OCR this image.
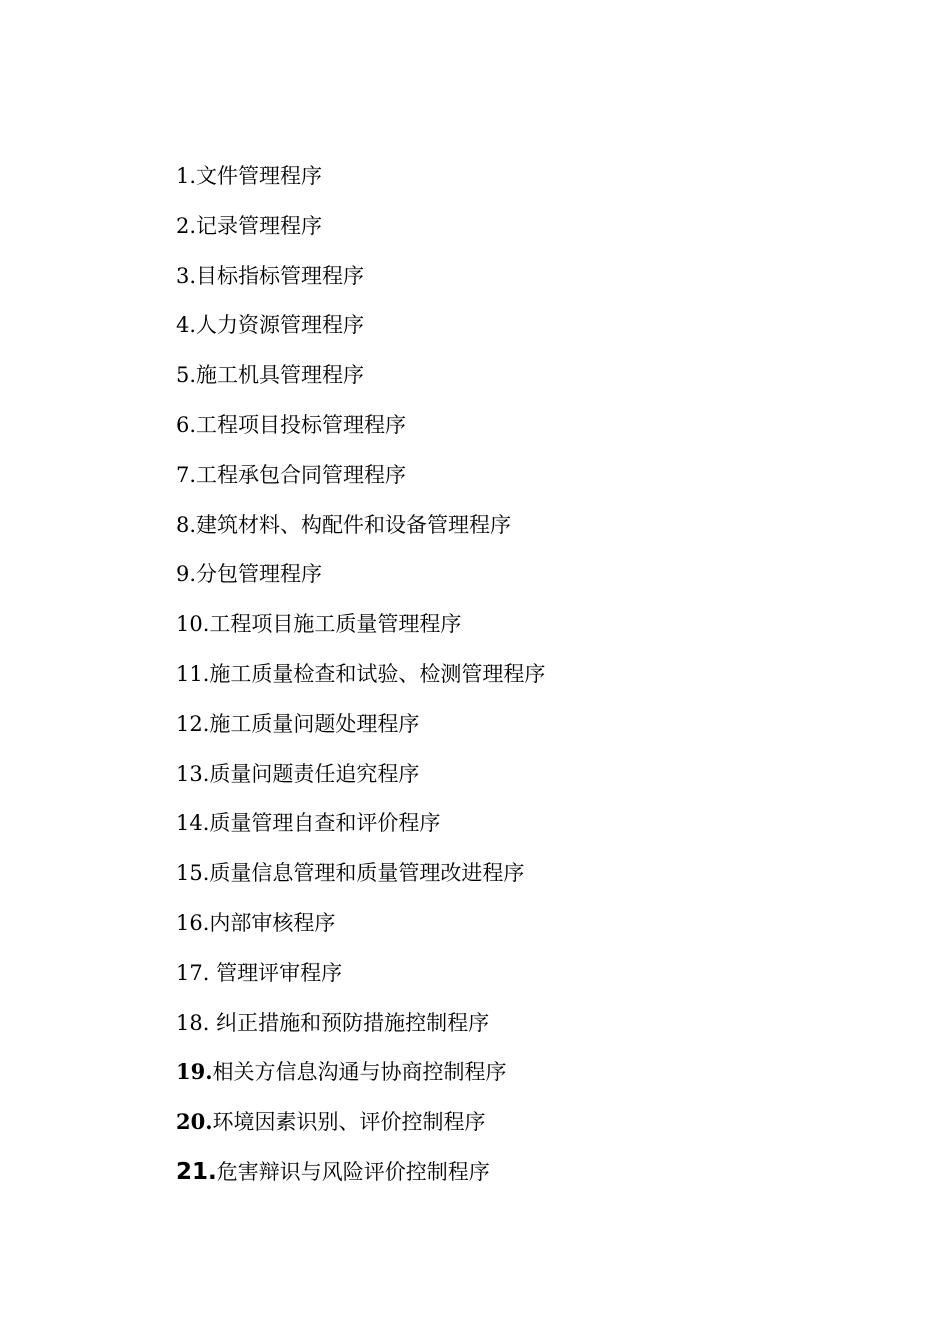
1.文件管理程序
2.记录管理程序
3.目标指标管理程序
4.人力资源管理程序
5.施工机具管理程序
6.工程项目投标管理程序
7.工程承包合同管理程序
8.建筑材料、构配件和设备管理程序
9.分包管理程序
10.工程项目施工质量管理程序
11.施工质量检查和试验、检测管理程序
12.施工质量问题处理程序
13.质量问题责任追究程序
14.质量管理自查和评价程序
15.质量信息管理和质量管理改进程序
16.内部审核程序
17. 管理评审程序
18. 纠正措施和预防措施控制程序
19.相关方信息沟通与协商控制程序
20.环境因素识别、评价控制程序
21.危害辩识与风险评价控制程序
